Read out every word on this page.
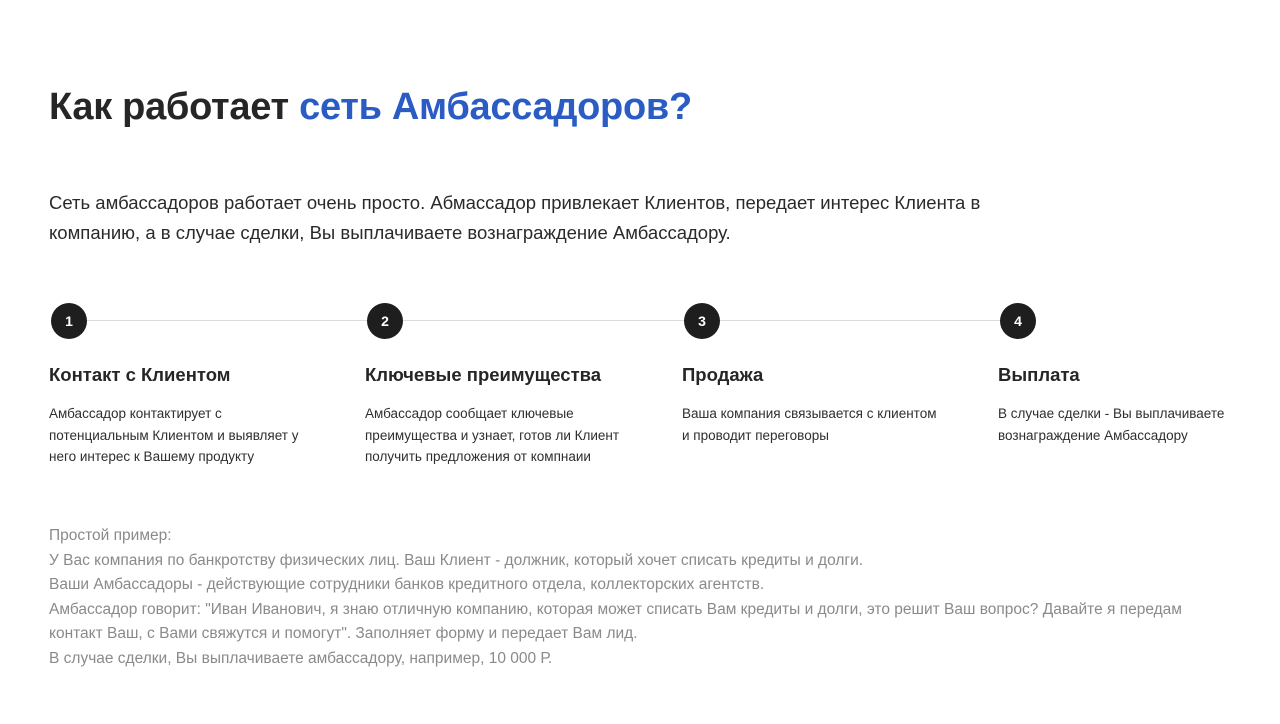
Как работает сеть Амбассадоров?

Сеть амбассадоров работает очень просто. Абмассадор привлекает Клиентов, передает интерес Клиента в компанию, а в случае сделки, Вы выплачиваете вознаграждение Амбассадору.

1
Контакт с Клиентом
Амбассадор контактирует с потенциальным Клиентом и выявляет у него интерес к Вашему продукту
2
Ключевые преимущества
Амбассадор сообщает ключевые преимущества и узнает, готов ли Клиент получить предложения от компнаии
3
Продажа
Ваша компания связывается с клиентом и проводит переговоры
4
Выплата
В случае сделки - Вы выплачиваете вознаграждение Амбассадору

Простой пример:

У Вас компания по банкротству физических лиц. Ваш Клиент - должник, который хочет списать кредиты и долги.

Ваши Амбассадоры - действующие сотрудники банков кредитного отдела, коллекторских агентств.

Амбассадор говорит: "Иван Иванович, я знаю отличную компанию, которая может списать Вам кредиты и долги, это решит Ваш вопрос? Давайте я передам

контакт Ваш, с Вами свяжутся и помогут". Заполняет форму и передает Вам лид.

В случае сделки, Вы выплачиваете амбассадору, например, 10 000 Р.
